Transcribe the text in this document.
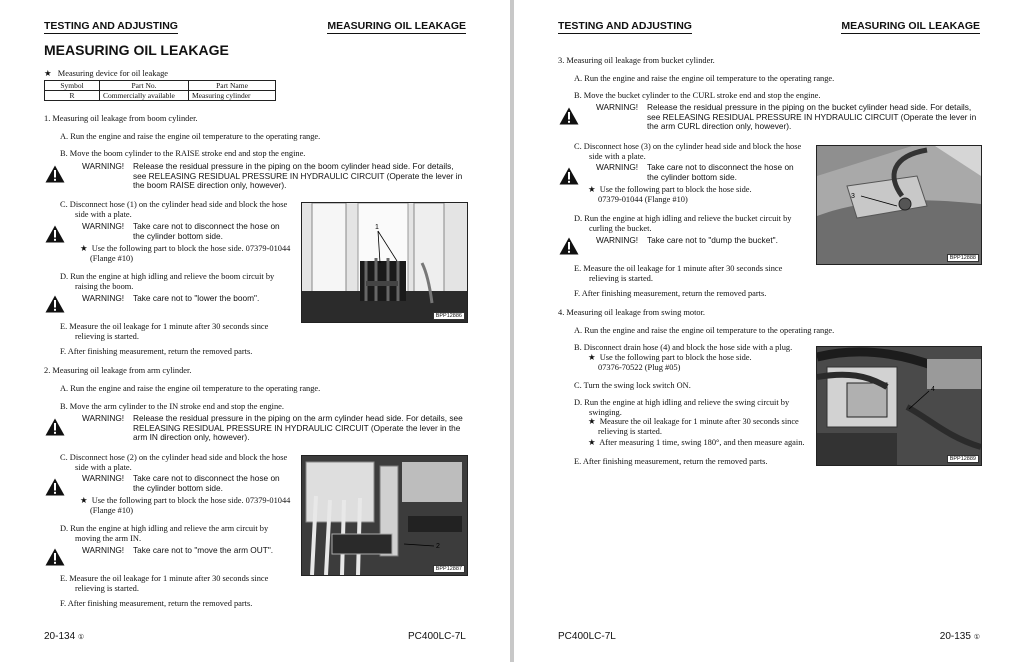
TESTING AND ADJUSTING	MEASURING OIL LEAKAGE
MEASURING OIL LEAKAGE
★ Measuring device for oil leakage
Symbol	Part No.	Part Name
R	Commercially available	Measuring cylinder
1. Measuring oil leakage from boom cylinder.
A. Run the engine and raise the engine oil temperature to the operating range.
B. Move the boom cylinder to the RAISE stroke end and stop the engine.
WARNING! Release the residual pressure in the piping on the boom cylinder head side. For details,
see RELEASING RESIDUAL PRESSURE IN HYDRAULIC CIRCUIT (Operate the lever in
the boom RAISE direction only, however).
C. Disconnect hose (1) on the cylinder head side and block the hose
side with a plate.
WARNING! Take care not to disconnect the hose on
the cylinder bottom side.
★ Use the following part to block the hose side. 07379-01044
(Flange #10)
D. Run the engine at high idling and relieve the boom circuit by
raising the boom.
WARNING! Take care not to "lower the boom".
E. Measure the oil leakage for 1 minute after 30 seconds since
relieving is started.
F. After finishing measurement, return the removed parts.
1
BPP12886
2. Measuring oil leakage from arm cylinder.
A. Run the engine and raise the engine oil temperature to the operating range.
B. Move the arm cylinder to the IN stroke end and stop the engine.
WARNING! Release the residual pressure in the piping on the arm cylinder head side. For details, see
RELEASING RESIDUAL PRESSURE IN HYDRAULIC CIRCUIT (Operate the lever in the
arm IN direction only, however).
C. Disconnect hose (2) on the cylinder head side and block the hose
side with a plate.
WARNING! Take care not to disconnect the hose on
the cylinder bottom side.
★ Use the following part to block the hose side. 07379-01044
(Flange #10)
D. Run the engine at high idling and relieve the arm circuit by
moving the arm IN.
WARNING! Take care not to "move the arm OUT".
E. Measure the oil leakage for 1 minute after 30 seconds since
relieving is started.
F. After finishing measurement, return the removed parts.
2
BPP12887
20-134 ①	PC400LC-7L
TESTING AND ADJUSTING	MEASURING OIL LEAKAGE
3. Measuring oil leakage from bucket cylinder.
A. Run the engine and raise the engine oil temperature to the operating range.
B. Move the bucket cylinder to the CURL stroke end and stop the engine.
WARNING! Release the residual pressure in the piping on the bucket cylinder head side. For details,
see RELEASING RESIDUAL PRESSURE IN HYDRAULIC CIRCUIT (Operate the lever in
the arm CURL direction only, however).
C. Disconnect hose (3) on the cylinder head side and block the hose
side with a plate.
WARNING! Take care not to disconnect the hose on
the cylinder bottom side.
★ Use the following part to block the hose side.
07379-01044 (Flange #10)
D. Run the engine at high idling and relieve the bucket circuit by
curling the bucket.
WARNING! Take care not to "dump the bucket".
E. Measure the oil leakage for 1 minute after 30 seconds since
relieving is started.
F. After finishing measurement, return the removed parts.
3
BPP12888
4. Measuring oil leakage from swing motor.
A. Run the engine and raise the engine oil temperature to the operating range.
B. Disconnect drain hose (4) and block the hose side with a plug.
★ Use the following part to block the hose side.
07376-70522 (Plug #05)
C. Turn the swing lock switch ON.
D. Run the engine at high idling and relieve the swing circuit by
swinging.
★ Measure the oil leakage for 1 minute after 30 seconds since
relieving is started.
★ After measuring 1 time, swing 180°, and then measure again.
E. After finishing measurement, return the removed parts.
4
BPP12889
PC400LC-7L	20-135 ①
